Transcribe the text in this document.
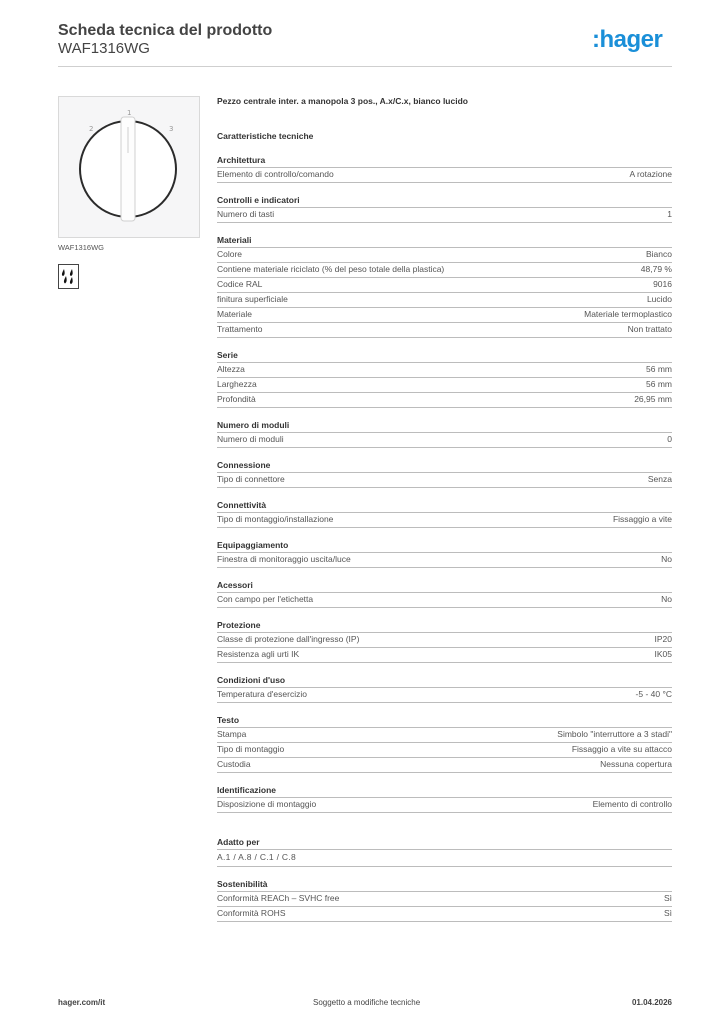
Scheda tecnica del prodotto
WAF1316WG	:hager
1
2	3
WAF1316WG
Pezzo centrale inter. a manopola 3 pos., A.x/C.x, bianco lucido
Caratteristiche tecniche
Architettura
Elemento di controllo/comando	A rotazione
Controlli e indicatori
Numero di tasti	1
Materiali
Colore	Bianco
Contiene materiale riciclato (% del peso totale della plastica)	48,79 %
Codice RAL	9016
finitura superficiale	Lucido
Materiale	Materiale termoplastico
Trattamento	Non trattato
Serie
Altezza	56 mm
Larghezza	56 mm
Profondità	26,95 mm
Numero di moduli
Numero di moduli	0
Connessione
Tipo di connettore	Senza
Connettività
Tipo di montaggio/installazione	Fissaggio a vite
Equipaggiamento
Finestra di monitoraggio uscita/luce	No
Acessori
Con campo per l'etichetta	No
Protezione
Classe di protezione dall'ingresso (IP)	IP20
Resistenza agli urti IK	IK05
Condizioni d'uso
Temperatura d'esercizio	-5 - 40 °C
Testo
Stampa	Simbolo "interruttore a 3 stadi"
Tipo di montaggio	Fissaggio a vite su attacco
Custodia	Nessuna copertura
Identificazione
Disposizione di montaggio	Elemento di controllo
Adatto per
A.1 / A.8 / C.1 / C.8
Sostenibilità
Conformità REACh – SVHC free	Sì
Conformità ROHS	Sì
hager.com/it	Soggetto a modifiche tecniche	01.04.2026
